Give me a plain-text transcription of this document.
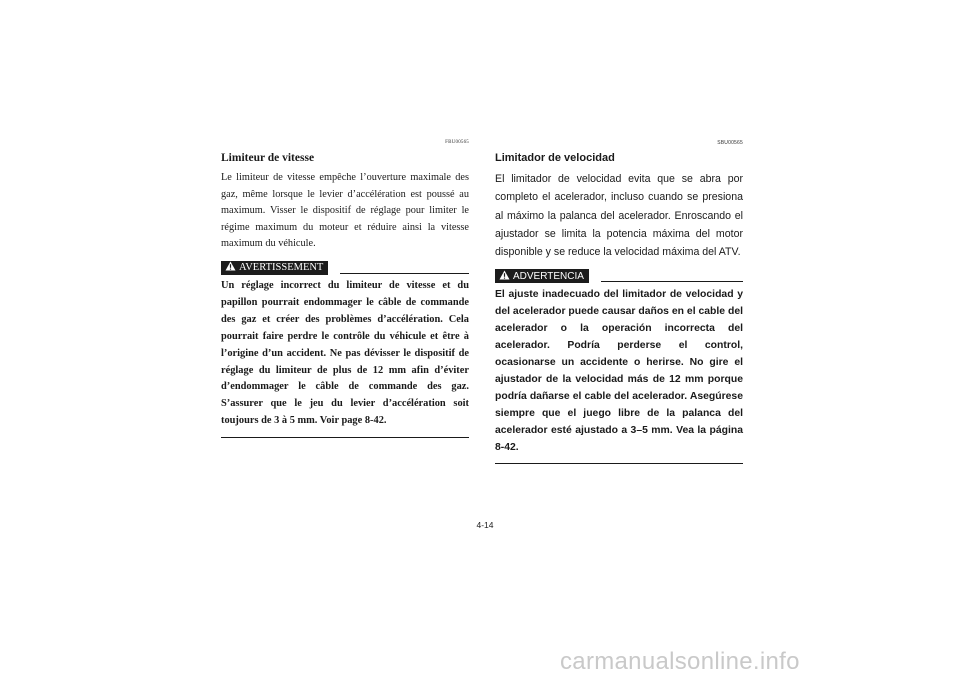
FBU00565
Limiteur de vitesse
Le limiteur de vitesse empêche l’ouverture maximale des gaz, même lorsque le levier d’accélération est poussé au maximum. Visser le dispositif de réglage pour limiter le régime maximum du moteur et réduire ainsi la vitesse maximum du véhicule.
AVERTISSEMENT
Un réglage incorrect du limiteur de vitesse et du papillon pourrait endommager le câble de commande des gaz et créer des problèmes d’accélération. Cela pourrait faire perdre le contrôle du véhicule et être à l’origine d’un accident. Ne pas dévisser le dispositif de réglage du limiteur de plus de 12 mm afin d’éviter d’endommager le câble de commande des gaz. S’assurer que le jeu du levier d’accélération soit toujours de 3 à 5 mm. Voir page 8-42.
SBU00565
Limitador de velocidad
El limitador de velocidad evita que se abra por completo el acelerador, incluso cuando se presiona al máximo la palanca del acelerador. Enroscando el ajustador se limita la potencia máxima del motor disponible y se reduce la velocidad máxima del ATV.
ADVERTENCIA
El ajuste inadecuado del limitador de velocidad y del acelerador puede causar daños en el cable del acelerador o la operación incorrecta del acelerador. Podría perderse el control, ocasionarse un accidente o herirse. No gire el ajustador de la velocidad más de 12 mm porque podría dañarse el cable del acelerador. Asegúrese siempre que el juego libre de la palanca del acelerador esté ajustado a 3–5 mm. Vea la página 8-42.
4-14
carmanualsonline.info
